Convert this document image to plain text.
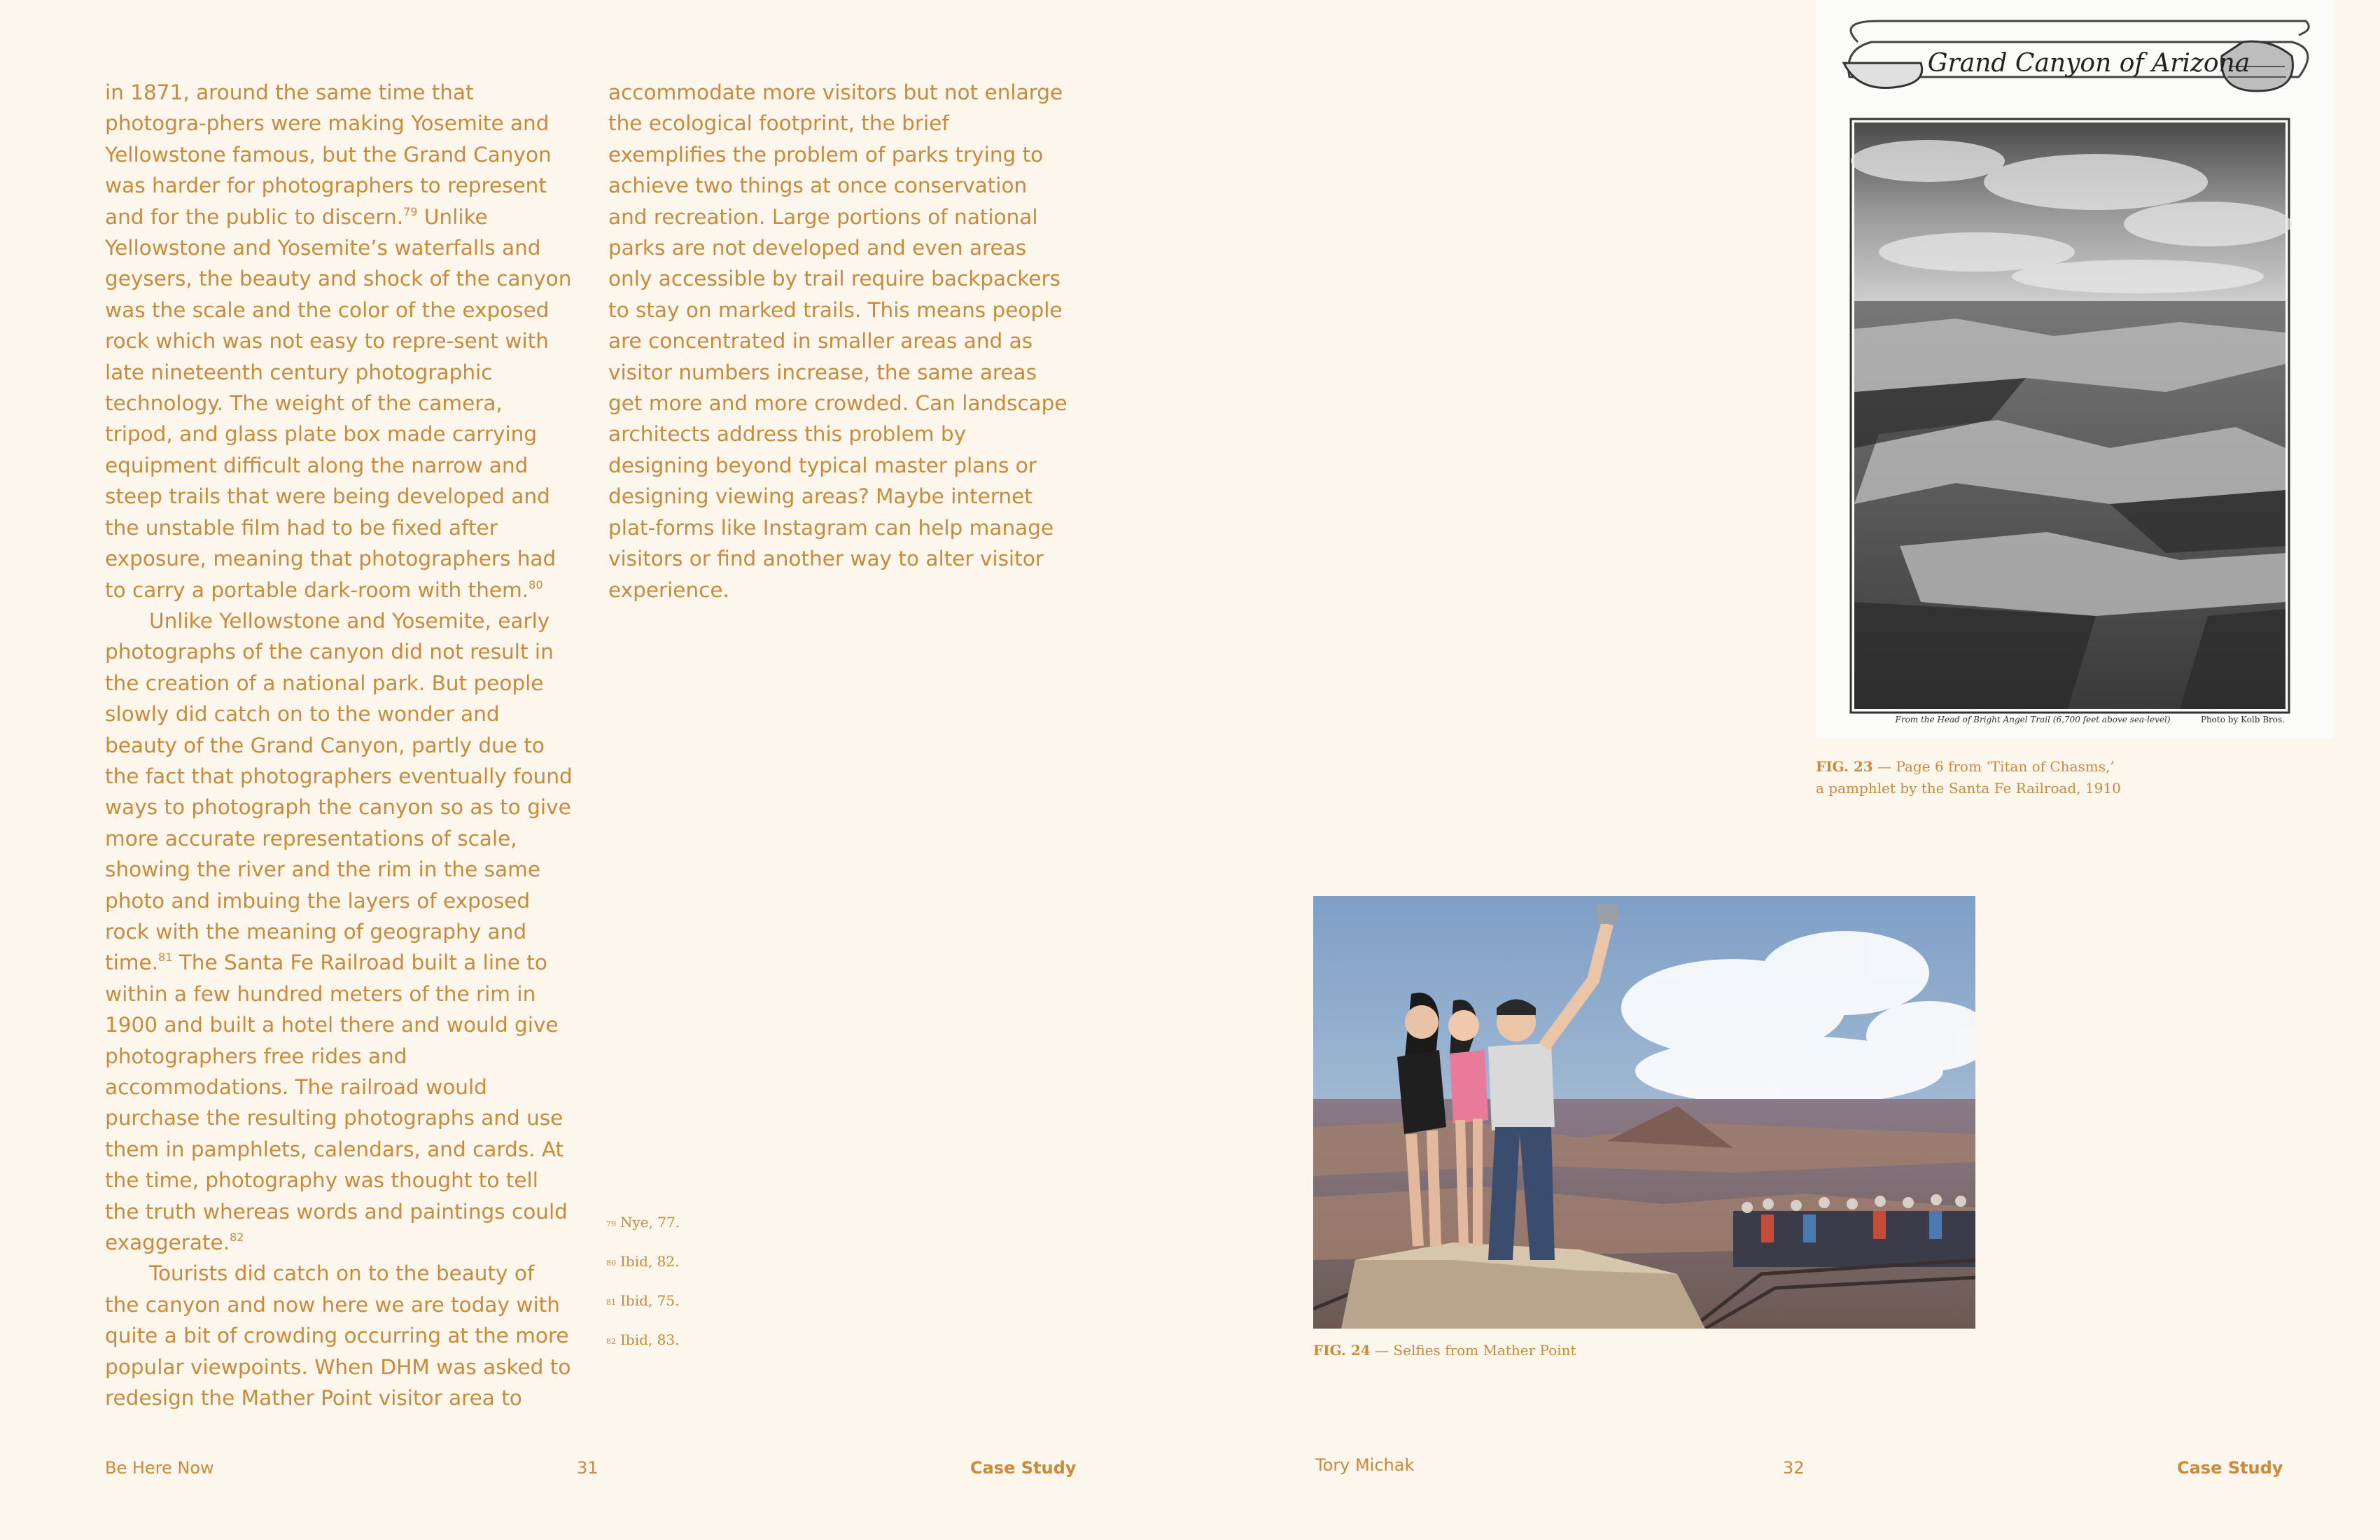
in 1871, around the same time that photogra-phers were making Yosemite and Yellowstone famous, but the Grand Canyon was harder for photographers to represent and for the public to discern.$^{79}$ Unlike Yellowstone and Yosemite’s waterfalls and geysers, the beauty and shock of the canyon was the scale and the color of the exposed rock which was not easy to repre-sent with late nineteenth century photographic technology. The weight of the camera, tripod, and glass plate box made carrying equipment difficult along the narrow and steep trails that were being developed and the unstable film had to be fixed after exposure, meaning that photographers had to carry a portable dark-room with them.$^{80}$

Unlike Yellowstone and Yosemite, early photographs of the canyon did not result in the creation of a national park. But people slowly did catch on to the wonder and beauty of the Grand Canyon, partly due to the fact that photographers eventually found ways to photograph the canyon so as to give more accurate representations of scale, showing the river and the rim in the same photo and imbuing the layers of exposed rock with the meaning of geography and time.$^{81}$ The Santa Fe Railroad built a line to within a few hundred meters of the rim in 1900 and built a hotel there and would give photographers free rides and accommodations. The railroad would purchase the resulting photographs and use them in pamphlets, calendars, and cards. At the time, photography was thought to tell the truth whereas words and paintings could exaggerate.$^{82}$

Tourists did catch on to the beauty of the canyon and now here we are today with quite a bit of crowding occurring at the more popular viewpoints. When DHM was asked to redesign the Mather Point visitor area to

accommodate more visitors but not enlarge the ecological footprint, the brief exemplifies the problem of parks trying to achieve two things at once conservation and recreation. Large portions of national parks are not developed and even areas only accessible by trail require backpackers to stay on marked trails. This means people are concentrated in smaller areas and as visitor numbers increase, the same areas get more and more crowded. Can landscape architects address this problem by designing beyond typical master plans or designing viewing areas? Maybe internet plat-forms like Instagram can help manage visitors or find another way to alter visitor experience.

79 Nye, 77.
80 Ibid, 82.
81 Ibid, 75.
82 Ibid, 83.
Be Here Now	31	Case Study
Grand Canyon of Arizona
From the Head of Bright Angel Trail (6,700 feet above sea-level)	Photo by Kolb Bros.
FIG. 23 — Page 6 from ‘Titan of Chasms,’
a pamphlet by the Santa Fe Railroad, 1910
FIG. 24 — Selfies from Mather Point
Tory Michak	32	Case Study
